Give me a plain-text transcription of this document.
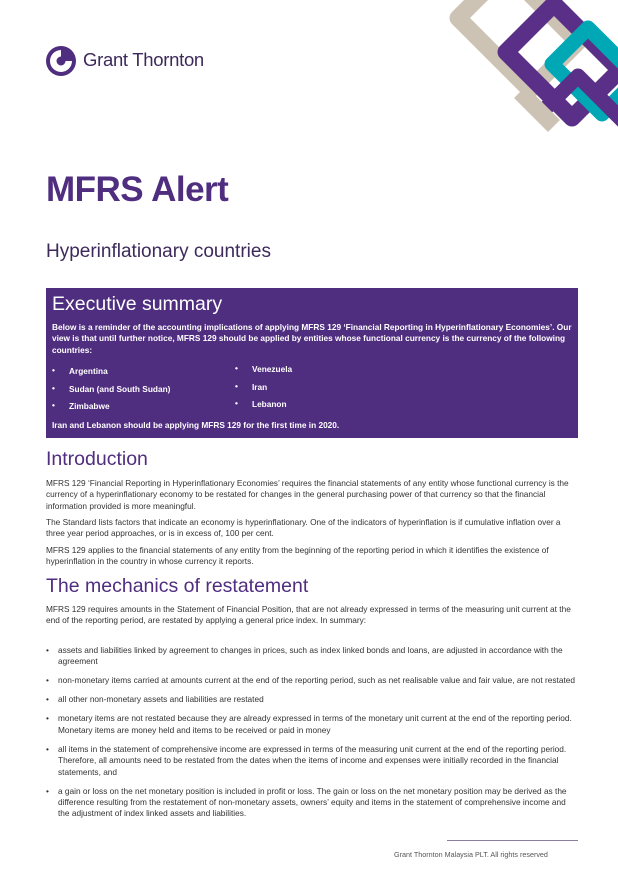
Grant Thornton
MFRS Alert
Hyperinflationary countries
Executive summary
Below is a reminder of the accounting implications of applying MFRS 129 ‘Financial Reporting in Hyperinflationary Economies’. Our view is that until further notice, MFRS 129 should be applied by entities whose functional currency is the currency of the following countries:
• Argentina
• Sudan (and South Sudan)
• Zimbabwe
• Venezuela
• Iran
• Lebanon
Iran and Lebanon should be applying MFRS 129 for the first time in 2020.
Introduction
MFRS 129 ‘Financial Reporting in Hyperinflationary Economies’ requires the financial statements of any entity whose functional currency is the currency of a hyperinflationary economy to be restated for changes in the general purchasing power of that currency so that the financial information provided is more meaningful.
The Standard lists factors that indicate an economy is hyperinflationary. One of the indicators of hyperinflation is if cumulative inflation over a three year period approaches, or is in excess of, 100 per cent.
MFRS 129 applies to the financial statements of any entity from the beginning of the reporting period in which it identifies the existence of hyperinflation in the country in whose currency it reports.
The mechanics of restatement
MFRS 129 requires amounts in the Statement of Financial Position, that are not already expressed in terms of the measuring unit current at the end of the reporting period, are restated by applying a general price index. In summary:
• assets and liabilities linked by agreement to changes in prices, such as index linked bonds and loans, are adjusted in accordance with the agreement
• non-monetary items carried at amounts current at the end of the reporting period, such as net realisable value and fair value, are not restated
• all other non-monetary assets and liabilities are restated
• monetary items are not restated because they are already expressed in terms of the monetary unit current at the end of the reporting period. Monetary items are money held and items to be received or paid in money
• all items in the statement of comprehensive income are expressed in terms of the measuring unit current at the end of the reporting period. Therefore, all amounts need to be restated from the dates when the items of income and expenses were initially recorded in the financial statements, and
• a gain or loss on the net monetary position is included in profit or loss. The gain or loss on the net monetary position may be derived as the difference resulting from the restatement of non-monetary assets, owners’ equity and items in the statement of comprehensive income and the adjustment of index linked assets and liabilities.
Grant Thornton Malaysia PLT. All rights reserved
